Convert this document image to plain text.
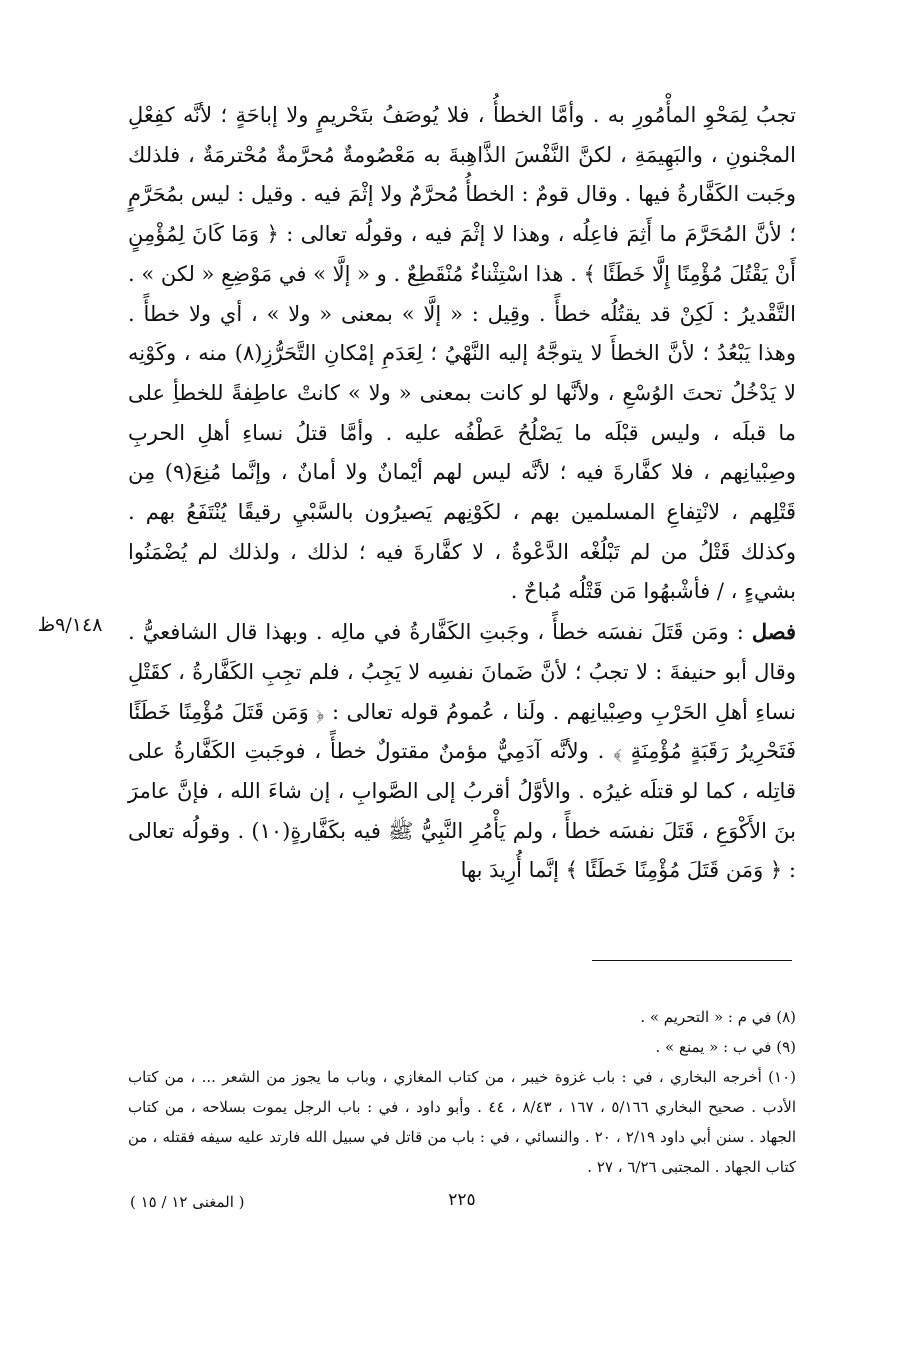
تجبُ لِمَحْوِ المأْمُورِ به . وأمَّا الخطأُ ، فلا يُوصَفُ بتَحْريمٍ ولا إباحَةٍ ؛ لأنَّه كفِعْلِ المجْنونِ ، والبَهِيمَةِ ، لكنَّ النَّفْسَ الذَّاهِبةَ به مَعْصُومةٌ مُحرَّمةٌ مُحْترمَةٌ ، فلذلك وجَبت الكَفَّارةُ فيها . وقال قومٌ : الخطأُ مُحرَّمٌ ولا إثْمَ فيه . وقيل : ليس بمُحَرَّمٍ ؛ لأنَّ المُحَرَّمَ ما أَثِمَ فاعِلُه ، وهذا لا إثْمَ فيه ، وقولُه تعالى : ﴿ وَمَا كَانَ لِمُؤْمِنٍ أَنْ يَقْتُلَ مُؤْمِنًا إِلَّا خَطَئًا ﴾ . هذا اسْتِثْناءٌ مُنْقَطِعٌ . و « إلَّا » في مَوْضِعِ « لكن » . التَّقْديرُ : لَكِنْ قد يقتُلُه خطأً . وقِيل : « إلَّا » بمعنى « ولا » ، أي ولا خطأً . وهذا يَبْعُدُ ؛ لأنَّ الخطأَ لا يتوجَّهُ إليه النَّهْيُ ؛ لِعَدَمِ إمْكانِ التَّحَرُّزِ(٨) منه ، وكَوْنِه لا يَدْخُلُ تحتَ الوُسْعِ ، ولأنَّها لو كانت بمعنى « ولا » كانتْ عاطِفةً للخطأِ على ما قبلَه ، وليس قبْلَه ما يَصْلُحُ عَطْفُه عليه . وأمَّا قتلُ نساءِ أهلِ الحربِ وصِبْيانِهم ، فلا كفَّارةَ فيه ؛ لأنَّه ليس لهم أيْمانٌ ولا أمانٌ ، وإنَّما مُنِعَ(٩) مِن قَتْلِهم ، لانْتِفاعِ المسلمين بهم ، لكَوْنِهم يَصيرُون بالسَّبْيِ رقيقًا يُنْتَفَعُ بهم . وكذلك قَتْلُ من لم تَبْلُغْه الدَّعْوةُ ، لا كفَّارةَ فيه ؛ لذلك ، ولذلك لم يُضْمَنُوا بشيءٍ ، / فأشْبهُوا مَن قَتْلُه مُباحٌ .

فصل : ومَن قَتَلَ نفسَه خطأً ، وجَبتِ الكَفَّارةُ في مالِه . وبهذا قال الشافعيُّ . وقال أبو حنيفةَ : لا تجبُ ؛ لأنَّ ضَمانَ نفسِه لا يَجِبُ ، فلم تجِبِ الكَفَّارةُ ، كقَتْلِ نساءِ أهلِ الحَرْبِ وصِبْيانِهم . ولَنا ، عُمومُ قوله تعالى : ﴿ وَمَن قَتَلَ مُؤْمِنًا خَطَئًا فَتَحْرِيرُ رَقَبَةٍ مُؤْمِنَةٍ ﴾ . ولأنَّه آدَمِيٌّ مؤمنٌ مقتولٌ خطأً ، فوجَبتِ الكَفَّارةُ على قاتِله ، كما لو قتلَه غيرُه . والأوَّلُ أقربُ إلى الصَّوابِ ، إن شاءَ الله ، فإنَّ عامرَ بنَ الأَكْوَعِ ، قَتَلَ نفسَه خطأً ، ولم يَأْمُرِ النَّبِيُّ ﷺ فيه بكَفَّارةٍ(١٠) . وقولُه تعالى : ﴿ وَمَن قَتَلَ مُؤْمِنًا خَطَئًا ﴾ إنَّما أُرِيدَ بها

٩/١٤٨ظ

(٨) في م : « التحريم » .

(٩) في ب : « يمنع » .

(١٠) أخرجه البخاري ، في : باب غزوة خيبر ، من كتاب المغازي ، وباب ما يجوز من الشعر ... ، من كتاب الأدب . صحيح البخاري ٥/١٦٦ ، ١٦٧ ، ٨/٤٣ ، ٤٤ . وأبو داود ، في : باب الرجل يموت بسلاحه ، من كتاب الجهاد . سنن أبي داود ٢/١٩ ، ٢٠ . والنسائي ، في : باب من قاتل في سبيل الله فارتد عليه سيفه فقتله ، من كتاب الجهاد . المجتبى ٦/٢٦ ، ٢٧ .

٢٢٥
( المغنى ١٢ / ١٥ )
